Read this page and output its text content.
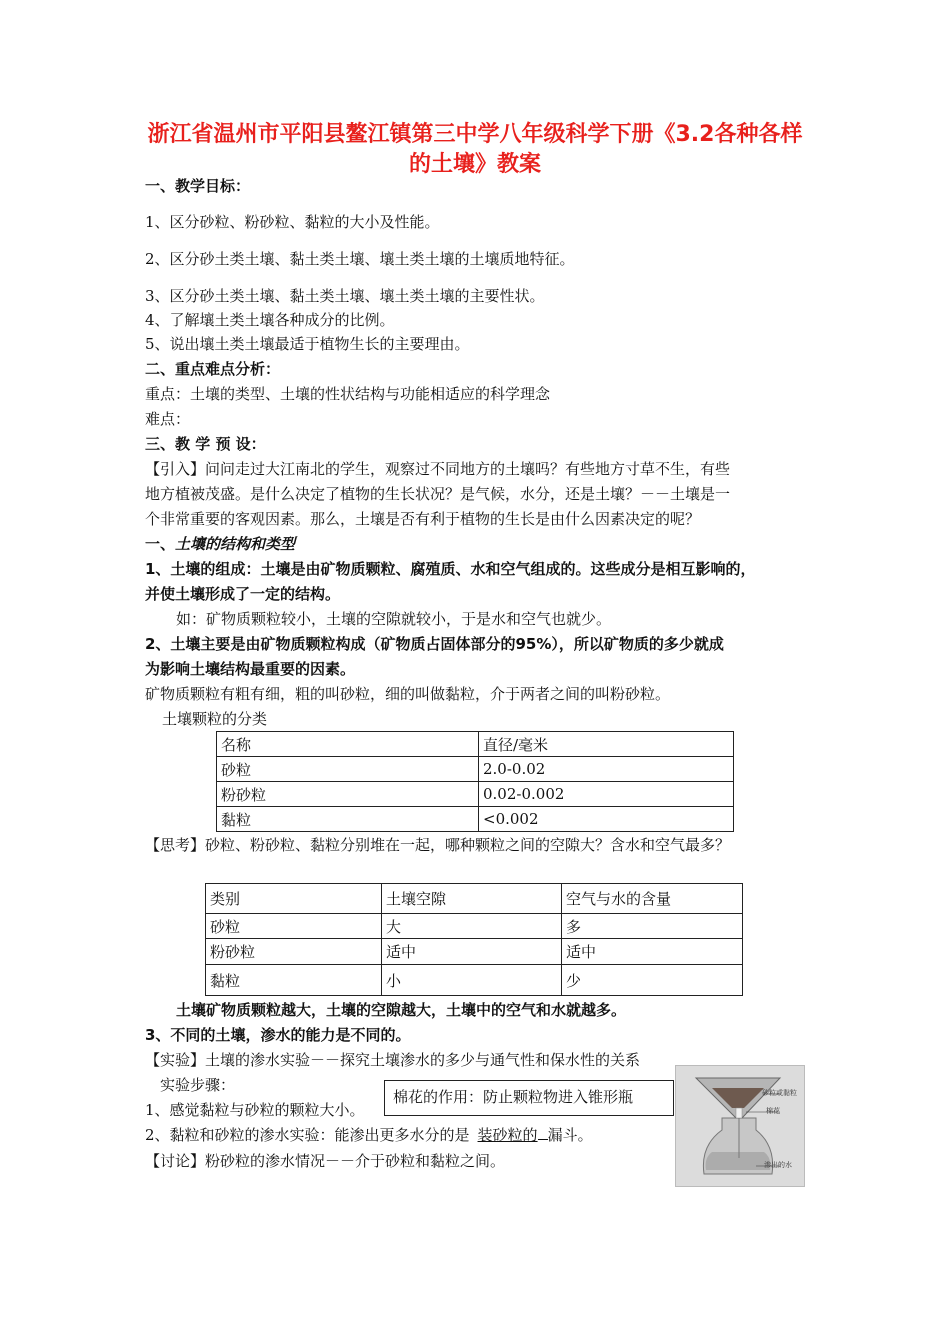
浙江省温州市平阳县鳌江镇第三中学八年级科学下册《3.2各种各样的土壤》教案
一、教学目标：
1、区分砂粒、粉砂粒、黏粒的大小及性能。
2、区分砂土类土壤、黏土类土壤、壤土类土壤的土壤质地特征。
3、区分砂土类土壤、黏土类土壤、壤土类土壤的主要性状。
4、了解壤土类土壤各种成分的比例。
5、说出壤土类土壤最适于植物生长的主要理由。
二、重点难点分析：
重点：土壤的类型、土壤的性状结构与功能相适应的科学理念
难点：
三、教 学 预 设：
【引入】问问走过大江南北的学生，观察过不同地方的土壤吗？有些地方寸草不生，有些
地方植被茂盛。是什么决定了植物的生长状况？是气候，水分，还是土壤？－－土壤是一
个非常重要的客观因素。那么，土壤是否有利于植物的生长是由什么因素决定的呢？
一、土壤的结构和类型
1、土壤的组成：土壤是由矿物质颗粒、腐殖质、水和空气组成的。这些成分是相互影响的，
并使土壤形成了一定的结构。
如：矿物质颗粒较小，土壤的空隙就较小，于是水和空气也就少。
2、土壤主要是由矿物质颗粒构成（矿物质占固体部分的95%），所以矿物质的多少就成
为影响土壤结构最重要的因素。
矿物质颗粒有粗有细，粗的叫砂粒，细的叫做黏粒，介于两者之间的叫粉砂粒。
土壤颗粒的分类
名称	直径/毫米
砂粒	2.0-0.02
粉砂粒	0.02-0.002
黏粒	<0.002
【思考】砂粒、粉砂粒、黏粒分别堆在一起，哪种颗粒之间的空隙大？含水和空气最多？
类别	土壤空隙	空气与水的含量
砂粒	大	多
粉砂粒	适中	适中
黏粒	小	少
土壤矿物质颗粒越大，土壤的空隙越大，土壤中的空气和水就越多。
3、不同的土壤，渗水的能力是不同的。
【实验】土壤的渗水实验－－探究土壤渗水的多少与通气性和保水性的关系
实验步骤：
1、感觉黏粒与砂粒的颗粒大小。
2、黏粒和砂粒的渗水实验：能渗出更多水分的是 装砂粒的 漏斗。
【讨论】粉砂粒的渗水情况－－介于砂粒和黏粒之间。
棉花的作用：防止颗粒物进入锥形瓶	砂粒或黏粒
棉花
渗出的水
